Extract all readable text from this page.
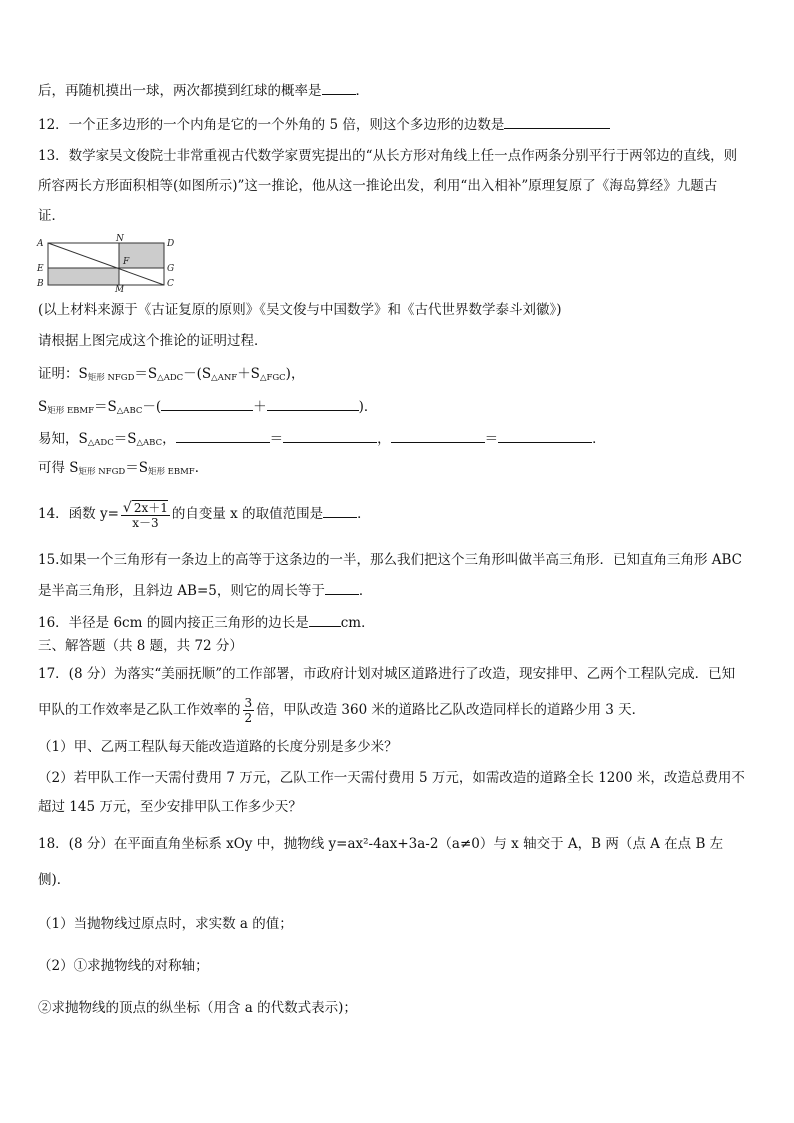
后，再随机摸出一球，两次都摸到红球的概率是	．
12．一个正多边形的一个内角是它的一个外角的 5 倍，则这个多边形的边数是
13．数学家吴文俊院士非常重视古代数学家贾宪提出的“从长方形对角线上任一点作两条分别平行于两邻边的直线，则
所容两长方形面积相等(如图所示)”这一推论，他从这一推论出发，利用“出入相补”原理复原了《海岛算经》九题古
证．
A	N	D
E
F
G
B
M
C
(以上材料来源于《古证复原的原则》《吴文俊与中国数学》和《古代世界数学泰斗刘徽》)
请根据上图完成这个推论的证明过程．
证明：$S_{矩形 NFGD}=S_{\triangle ADC}-(S_{\triangle ANF}+S_{\triangle FGC})$，
$S_{矩形 EBMF}=S_{\triangle ABC}-$(	＋	)．
易知，$S_{\triangle ADC}=S_{\triangle ABC}$，	＝	，	＝	．
可得 $S_{矩形 NFGD}=S_{矩形 EBMF}$．
14．函数 $y= \frac{√ 2x+1}{x-3}$ 的自变量 x 的取值范围是	．
15.如果一个三角形有一条边上的高等于这条边的一半，那么我们把这个三角形叫做半高三角形．已知直角三角形 ABC
是半高三角形，且斜边 AB=5，则它的周长等于	．
16．半径是 6cm 的圆内接正三角形的边长是 cm．
三、解答题（共 8 题，共 72 分）
17．(8 分）为落实“美丽抚顺”的工作部署，市政府计划对城区道路进行了改造，现安排甲、乙两个工程队完成．已知
甲队的工作效率是乙队工作效率的 $\frac{3}{2}$ 倍，甲队改造 360 米的道路比乙队改造同样长的道路少用 3 天．
（1）甲、乙两工程队每天能改造道路的长度分别是多少米？
（2）若甲队工作一天需付费用 7 万元，乙队工作一天需付费用 5 万元，如需改造的道路全长 1200 米，改造总费用不
超过 145 万元，至少安排甲队工作多少天？
18．(8 分）在平面直角坐标系 xOy 中，抛物线 y=ax²-4ax+3a-2（a≠0）与 x 轴交于 A，B 两（点 A 在点 B 左
侧)．
（1）当抛物线过原点时，求实数 a 的值；
（2）①求抛物线的对称轴；
②求抛物线的顶点的纵坐标（用含 a 的代数式表示)；
